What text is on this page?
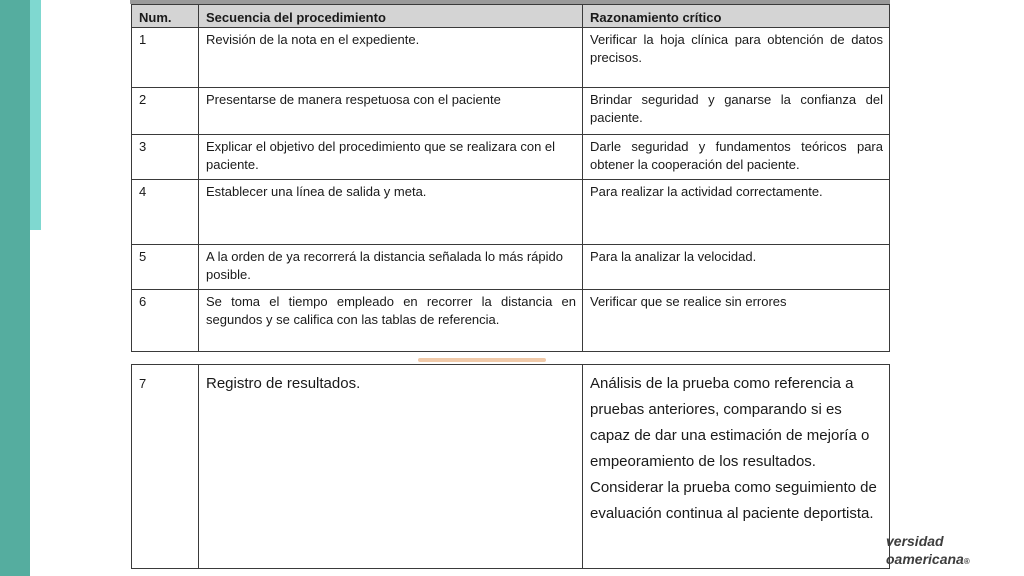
Num.	Secuencia del procedimiento	Razonamiento crítico
1	Revisión de la nota en el expediente.	Verificar la hoja clínica para obtención de datos precisos.
2	Presentarse de manera respetuosa con el paciente	Brindar seguridad y ganarse la confianza del paciente.
3	Explicar el objetivo del procedimiento que se realizara con el paciente.	Darle seguridad y fundamentos teóricos para obtener la cooperación del paciente.
4	Establecer una línea de salida y meta.	Para realizar la actividad correctamente.
5	A la orden de ya recorrerá la distancia señalada lo más rápido posible.	Para la analizar la velocidad.
6	Se toma el tiempo empleado en recorrer la distancia en segundos y se califica con las tablas de referencia.	Verificar que se realice sin errores
7	Registro de resultados.	Análisis de la prueba como referencia a pruebas anteriores, comparando si es capaz de dar una estimación de mejoría o empeoramiento de los resultados. Considerar la prueba como seguimiento de evaluación continua al paciente deportista.
versidad
oamericana®
